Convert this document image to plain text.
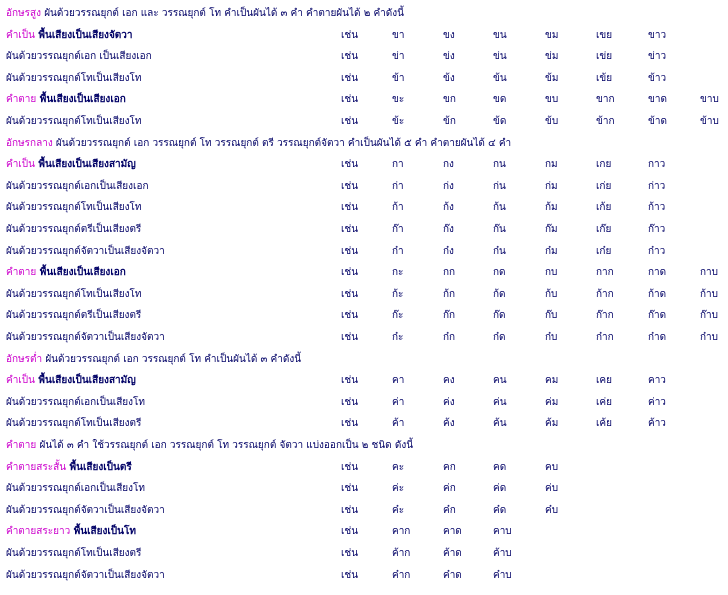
อักษรสูง ผันด้วยวรรณยุกต์ เอก และ วรรณยุกต์ โท คำเป็นผันได้ ๓ คำ คำตายผันได้ ๒ คำดังนี้
คำเป็น พื้นเสียงเป็นเสียงจัตวา	เช่น	ขา	ขง	ขน	ขม	เขย	ขาว
ผันด้วยวรรณยุกต์เอก เป็นเสียงเอก	เช่น	ข่า	ข่ง	ข่น	ข่ม	เข่ย	ข่าว
ผันด้วยวรรณยุกต์โทเป็นเสียงโท	เช่น	ข้า	ข้ง	ข้น	ข้ม	เข้ย	ข้าว
คำตาย พื้นเสียงเป็นเสียงเอก	เช่น	ขะ	ขก	ขด	ขบ	ขาก	ขาด	ขาบ
ผันด้วยวรรณยุกต์โทเป็นเสียงโท	เช่น	ข้ะ	ข้ก	ข้ด	ข้บ	ข้าก	ข้าด	ข้าบ
อักษรกลาง ผันด้วยวรรณยุกต์ เอก วรรณยุกต์ โท วรรณยุกต์ ตรี วรรณยุกต์จัตวา คำเป็นผันได้ ๕ คำ คำตายผันได้ ๔ คำ
คำเป็น พื้นเสียงเป็นเสียงสามัญ	เช่น	กา	กง	กน	กม	เกย	กาว
ผันด้วยวรรณยุกต์เอกเป็นเสียงเอก	เช่น	ก่า	ก่ง	ก่น	ก่ม	เก่ย	ก่าว
ผันด้วยวรรณยุกต์โทเป็นเสียงโท	เช่น	ก้า	ก้ง	ก้น	ก้ม	เก้ย	ก้าว
ผันด้วยวรรณยุกต์ตรีเป็นเสียงตรี	เช่น	ก๊า	ก๊ง	ก๊น	ก๊ม	เก๊ย	ก๊าว
ผันด้วยวรรณยุกต์จัตวาเป็นเสียงจัตวา	เช่น	ก๋า	ก๋ง	ก๋น	ก๋ม	เก๋ย	ก๋าว
คำตาย พื้นเสียงเป็นเสียงเอก	เช่น	กะ	กก	กด	กบ	กาก	กาด	กาบ
ผันด้วยวรรณยุกต์โทเป็นเสียงโท	เช่น	ก้ะ	ก้ก	ก้ด	ก้บ	ก้าก	ก้าด	ก้าบ
ผันด้วยวรรณยุกต์ตรีเป็นเสียงตรี	เช่น	ก๊ะ	ก๊ก	ก๊ด	ก๊บ	ก๊าก	ก๊าด	ก๊าบ
ผันด้วยวรรณยุกต์จัตวาเป็นเสียงจัตวา	เช่น	ก๋ะ	ก๋ก	ก๋ด	ก๋บ	ก๋าก	ก๋าด	ก๋าบ
อักษรต่ำ ผันด้วยวรรณยุกต์ เอก วรรณยุกต์ โท คำเป็นผันได้ ๓ คำดังนี้
คำเป็น พื้นเสียงเป็นเสียงสามัญ	เช่น	คา	คง	คน	คม	เคย	คาว
ผันด้วยวรรณยุกต์เอกเป็นเสียงโท	เช่น	ค่า	ค่ง	ค่น	ค่ม	เค่ย	ค่าว
ผันด้วยวรรณยุกต์โทเป็นเสียงตรี	เช่น	ค้า	ค้ง	ค้น	ค้ม	เค้ย	ค้าว
คำตาย ผันได้ ๓ คำ ใช้วรรณยุกต์ เอก วรรณยุกต์ โท วรรณยุกต์ จัตวา แบ่งออกเป็น ๒ ชนิด ดังนี้
คำตายสระสั้น พื้นเสียงเป็นตรี	เช่น	คะ	คก	คด	คบ
ผันด้วยวรรณยุกต์เอกเป็นเสียงโท	เช่น	ค่ะ	ค่ก	ค่ด	ค่บ
ผันด้วยวรรณยุกต์จัตวาเป็นเสียงจัตวา	เช่น	ค๋ะ	ค๋ก	ค๋ด	ค๋บ
คำตายสระยาว พื้นเสียงเป็นโท	เช่น	คาก	คาด	คาบ
ผันด้วยวรรณยุกต์โทเป็นเสียงตรี	เช่น	ค้าก	ค้าด	ค้าบ
ผันด้วยวรรณยุกต์จัตวาเป็นเสียงจัตวา	เช่น	ค๋าก	ค๋าด	ค๋าบ
